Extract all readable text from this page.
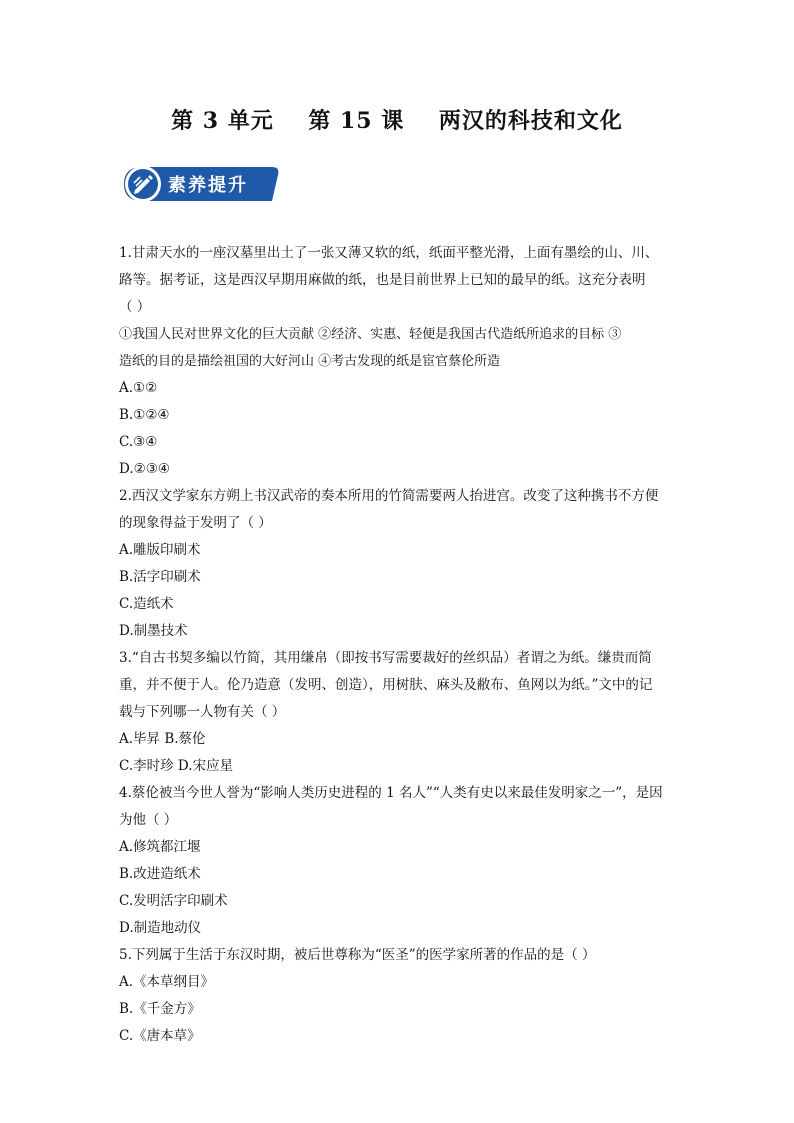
第 3 单元    第 15 课    两汉的科技和文化
素养提升

1.甘肃天水的一座汉墓里出土了一张又薄又软的纸，纸面平整光滑，上面有墨绘的山、川、

路等。据考证，这是西汉早期用麻做的纸，也是目前世界上已知的最早的纸。这充分表明

（ ）

①我国人民对世界文化的巨大贡献 ②经济、实惠、轻便是我国古代造纸所追求的目标 ③

造纸的目的是描绘祖国的大好河山 ④考古发现的纸是宦官蔡伦所造

A.①②

B.①②④

C.③④

D.②③④

2.西汉文学家东方朔上书汉武帝的奏本所用的竹简需要两人抬进宫。改变了这种携书不方便

的现象得益于发明了（ ）

A.雕版印刷术

B.活字印刷术

C.造纸术

D.制墨技术

3.“自古书契多编以竹简，其用缣帛（即按书写需要裁好的丝织品）者谓之为纸。缣贵而简

重，并不便于人。伦乃造意（发明、创造），用树肤、麻头及敝布、鱼网以为纸。”文中的记

载与下列哪一人物有关（ ）

A.毕昇 B.蔡伦

C.李时珍 D.宋应星

4.蔡伦被当今世人誉为“影响人类历史进程的 1 名人”“人类有史以来最佳发明家之一”，是因

为他（ ）

A.修筑都江堰

B.改进造纸术

C.发明活字印刷术

D.制造地动仪

5.下列属于生活于东汉时期，被后世尊称为“医圣”的医学家所著的作品的是（ ）

A.《本草纲目》

B.《千金方》

C.《唐本草》
